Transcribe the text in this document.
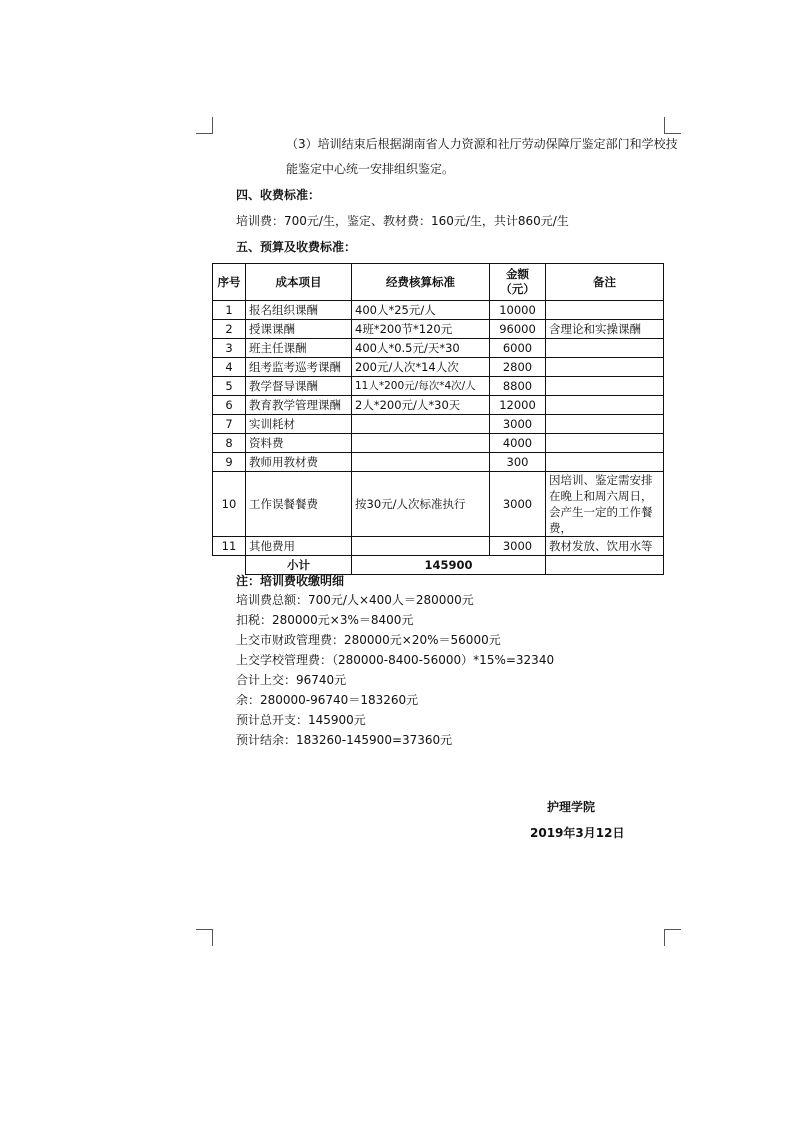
（3）培训结束后根据湖南省人力资源和社厅劳动保障厅鉴定部门和学校技
能鉴定中心统一安排组织鉴定。
四、收费标准：
培训费：700元/生，鉴定、教材费：160元/生，共计860元/生
五、预算及收费标准：
序号	成本项目	经费核算标准	金额（元）	备注
1	报名组织课酬	400人*25元/人	10000	
2	授课课酬	4班*200节*120元	96000	含理论和实操课酬
3	班主任课酬	400人*0.5元/天*30	6000	
4	组考监考巡考课酬	200元/人次*14人次	2800	
5	教学督导课酬	11人*200元/每次*4次/人	8800	
6	教育教学管理课酬	2人*200元/人*30天	12000	
7	实训耗材		3000	
8	资料费		4000	
9	教师用教材费		300	
10	工作误餐餐费	按30元/人次标准执行	3000	因培训、鉴定需安排在晚上和周六周日，会产生一定的工作餐费，
11	其他费用		3000	教材发放、饮用水等
	小计	145900		
注：培训费收缴明细
培训费总额：700元/人×400人＝280000元
扣税：280000元×3%＝8400元
上交市财政管理费：280000元×20%＝56000元
上交学校管理费：（280000-8400-56000）*15%=32340
合计上交：96740元
余：280000-96740＝183260元
预计总开支：145900元
预计结余：183260-145900=37360元
护理学院
2019年3月12日
